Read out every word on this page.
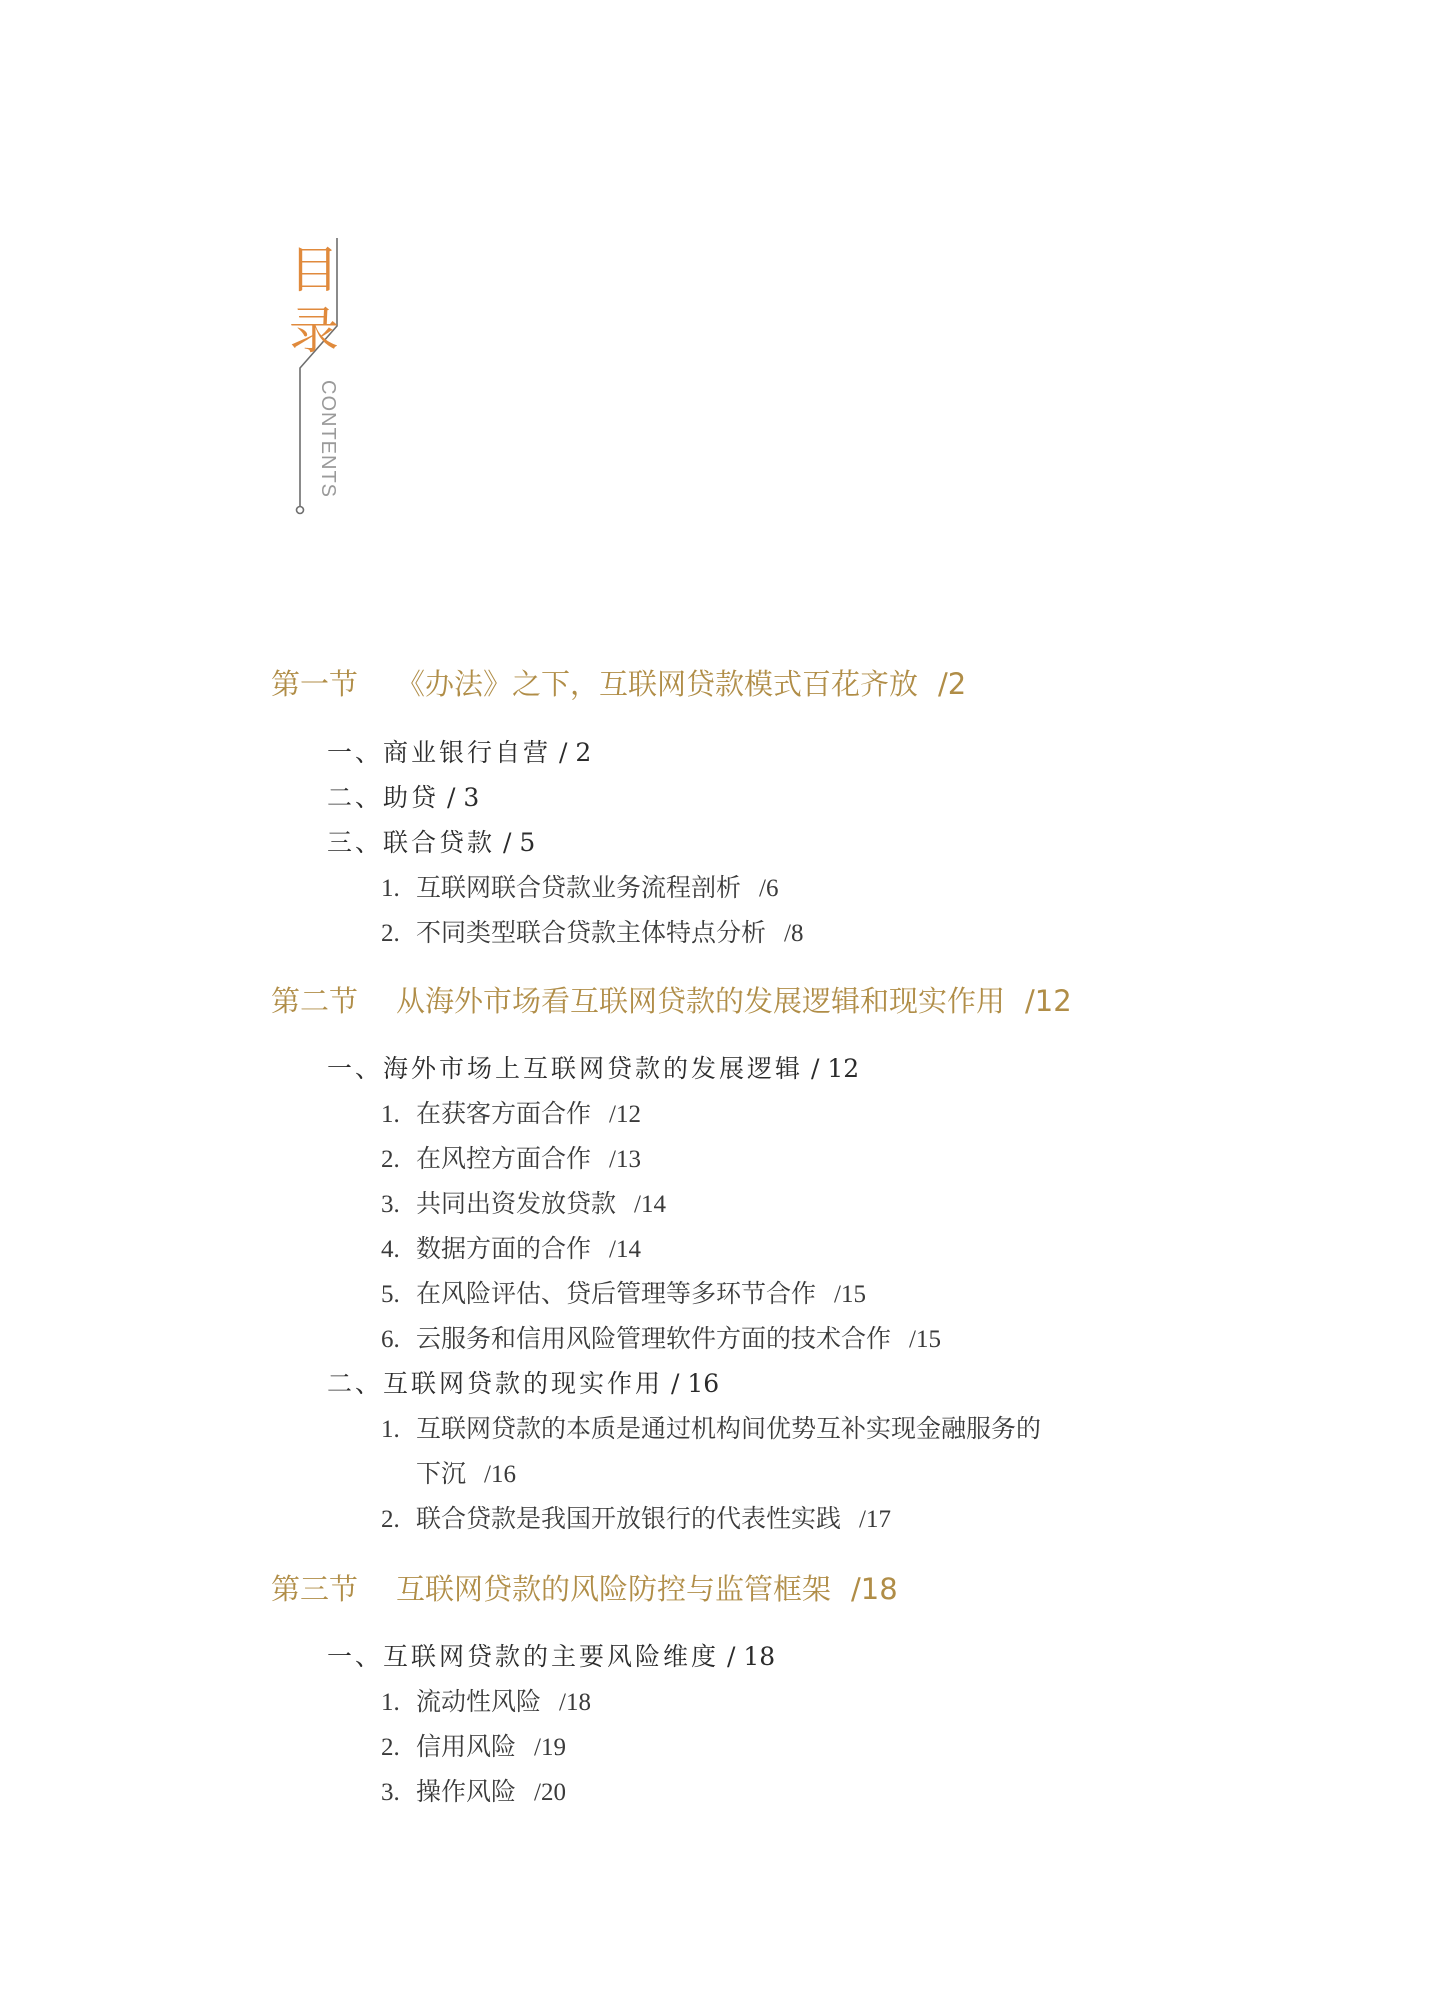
目
录
CONTENTS
第一节 《办法》之下，互联网贷款模式百花齐放 /2
一、商业银行自营 / 2
二、助贷 / 3
三、联合贷款 / 5
1. 互联网联合贷款业务流程剖析 /6
2. 不同类型联合贷款主体特点分析 /8
第二节 从海外市场看互联网贷款的发展逻辑和现实作用 /12
一、海外市场上互联网贷款的发展逻辑 / 12
1. 在获客方面合作 /12
2. 在风控方面合作 /13
3. 共同出资发放贷款 /14
4. 数据方面的合作 /14
5. 在风险评估、贷后管理等多环节合作 /15
6. 云服务和信用风险管理软件方面的技术合作 /15
二、互联网贷款的现实作用 / 16
1. 互联网贷款的本质是通过机构间优势互补实现金融服务的
下沉 /16
2. 联合贷款是我国开放银行的代表性实践 /17
第三节 互联网贷款的风险防控与监管框架 /18
一、互联网贷款的主要风险维度 / 18
1. 流动性风险 /18
2. 信用风险 /19
3. 操作风险 /20
